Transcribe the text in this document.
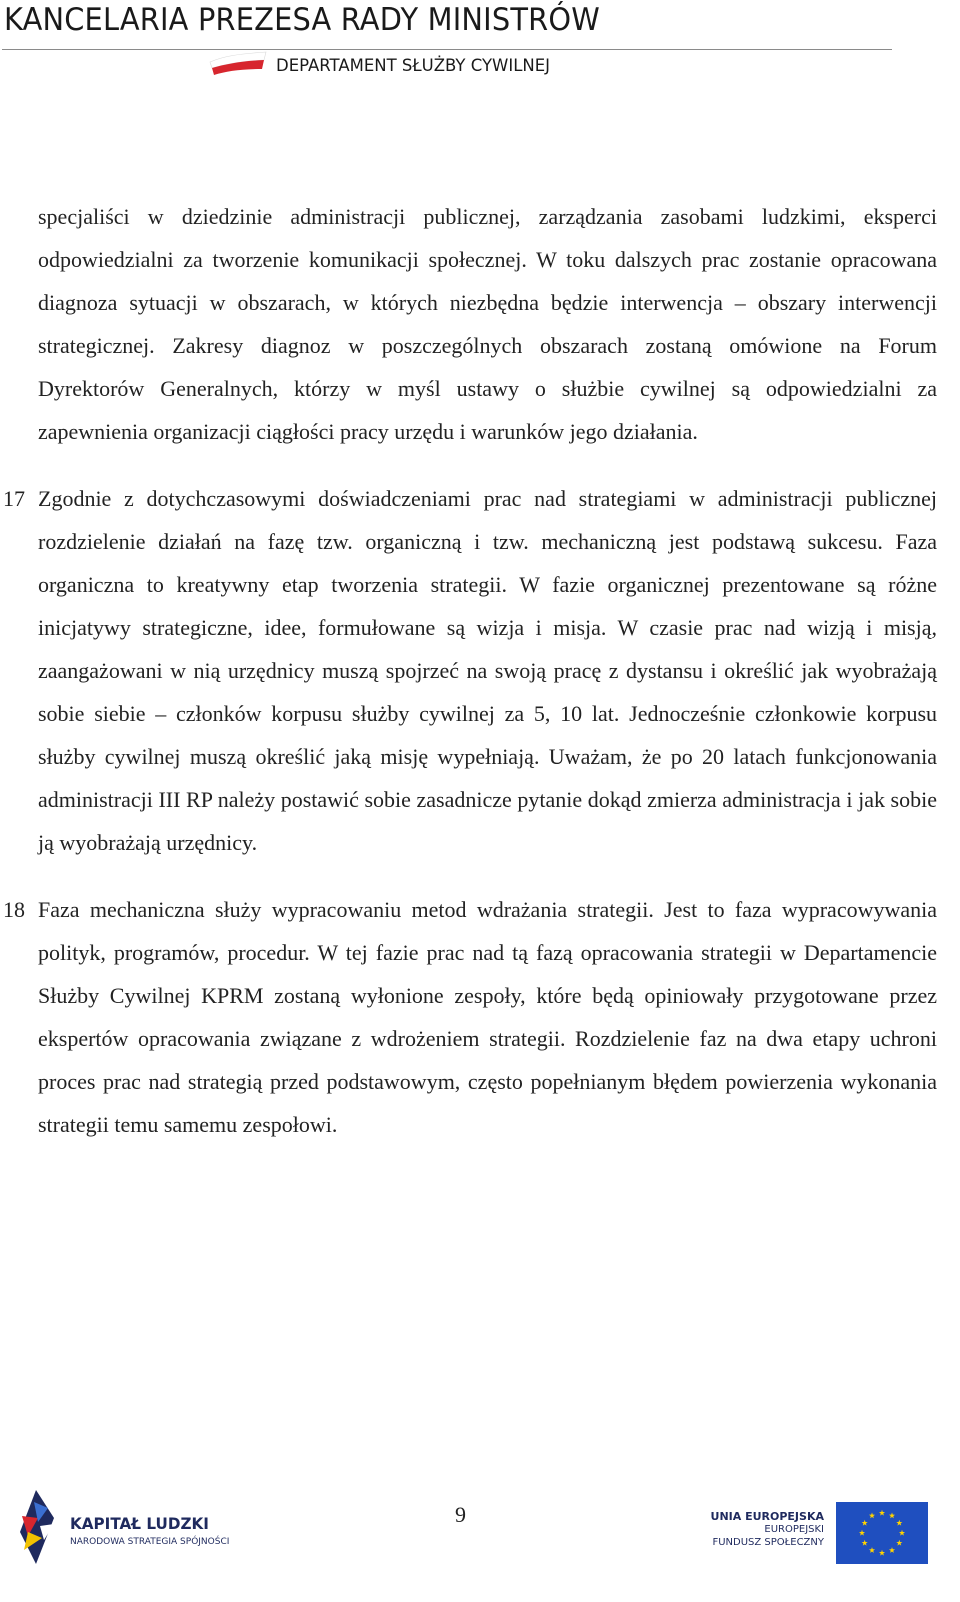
KANCELARIA PREZESA RADY MINISTRÓW
DEPARTAMENT SŁUŻBY CYWILNEJ

specjaliści w dziedzinie administracji publicznej, zarządzania zasobami ludzkimi, eksperci odpowiedzialni za tworzenie komunikacji społecznej. W toku dalszych prac zostanie opracowana diagnoza sytuacji w obszarach, w których niezbędna będzie interwencja – obszary interwencji strategicznej. Zakresy diagnoz w poszczególnych obszarach zostaną omówione na Forum Dyrektorów Generalnych, którzy w myśl ustawy o służbie cywilnej są odpowiedzialni za zapewnienia organizacji ciągłości pracy urzędu i warunków jego działania.

17 Zgodnie z dotychczasowymi doświadczeniami prac nad strategiami w administracji publicznej rozdzielenie działań na fazę tzw. organiczną i tzw. mechaniczną jest podstawą sukcesu. Faza organiczna to kreatywny etap tworzenia strategii. W fazie organicznej prezentowane są różne inicjatywy strategiczne, idee, formułowane są wizja i misja. W czasie prac nad wizją i misją, zaangażowani w nią urzędnicy muszą spojrzeć na swoją pracę z dystansu i określić jak wyobrażają sobie siebie – członków korpusu służby cywilnej za 5, 10 lat. Jednocześnie członkowie korpusu służby cywilnej muszą określić jaką misję wypełniają. Uważam, że po 20 latach funkcjonowania administracji III RP należy postawić sobie zasadnicze pytanie dokąd zmierza administracja i jak sobie ją wyobrażają urzędnicy.

18 Faza mechaniczna służy wypracowaniu metod wdrażania strategii. Jest to faza wypracowywania polityk, programów, procedur. W tej fazie prac nad tą fazą opracowania strategii w Departamencie Służby Cywilnej KPRM zostaną wyłonione zespoły, które będą opiniowały przygotowane przez ekspertów opracowania związane z wdrożeniem strategii. Rozdzielenie faz na dwa etapy uchroni proces prac nad strategią przed podstawowym, często popełnianym błędem powierzenia wykonania strategii temu samemu zespołowi.

KAPITAŁ LUDZKI
NARODOWA STRATEGIA SPÓJNOŚCI
9	UNIA EUROPEJSKA
EUROPEJSKI
FUNDUSZ SPOŁECZNY
